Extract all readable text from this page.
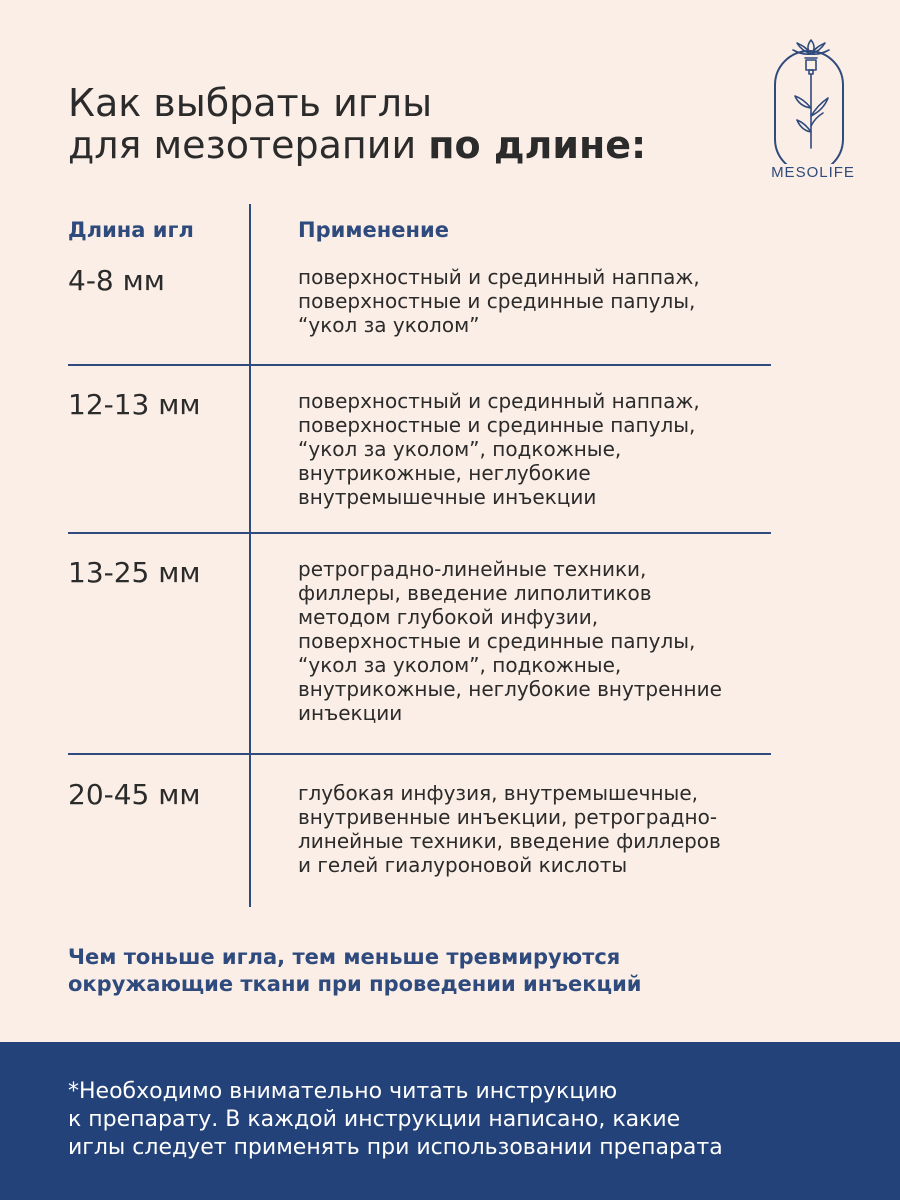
Как выбрать иглы
для мезотерапии по длине:
MESOLIFE
Длина игл	Применение
4-8 мм	поверхностный и срединный наппаж,
поверхностные и срединные папулы,
“укол за уколом”
12-13 мм	поверхностный и срединный наппаж,
поверхностные и срединные папулы,
“укол за уколом”, подкожные,
внутрикожные, неглубокие
внутремышечные инъекции
13-25 мм	ретроградно-линейные техники,
филлеры, введение липолитиков
методом глубокой инфузии,
поверхностные и срединные папулы,
“укол за уколом”, подкожные,
внутрикожные, неглубокие внутренние
инъекции
20-45 мм	глубокая инфузия, внутремышечные,
внутривенные инъекции, ретроградно-
линейные техники, введение филлеров
и гелей гиалуроновой кислоты
Чем тоньше игла, тем меньше тревмируются
окружающие ткани при проведении инъекций
*Необходимо внимательно читать инструкцию
к препарату. В каждой инструкции написано, какие
иглы следует применять при использовании препарата
